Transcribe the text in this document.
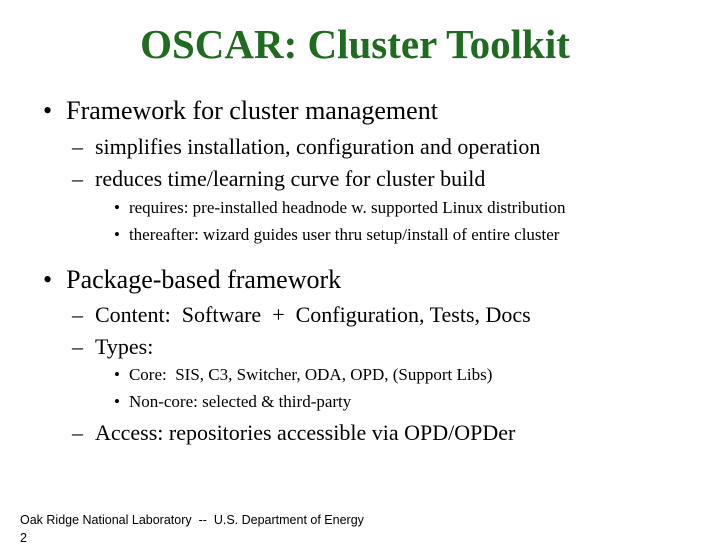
OSCAR: Cluster Toolkit
• Framework for cluster management
– simplifies installation, configuration and operation
– reduces time/learning curve for cluster build
• requires: pre-installed headnode w. supported Linux distribution
• thereafter: wizard guides user thru setup/install of entire cluster
• Package-based framework
– Content:  Software  +  Configuration, Tests, Docs
– Types:
• Core:  SIS, C3, Switcher, ODA, OPD, (Support Libs)
• Non-core: selected & third-party
– Access: repositories accessible via OPD/OPDer
Oak Ridge National Laboratory  --  U.S. Department of Energy
2
